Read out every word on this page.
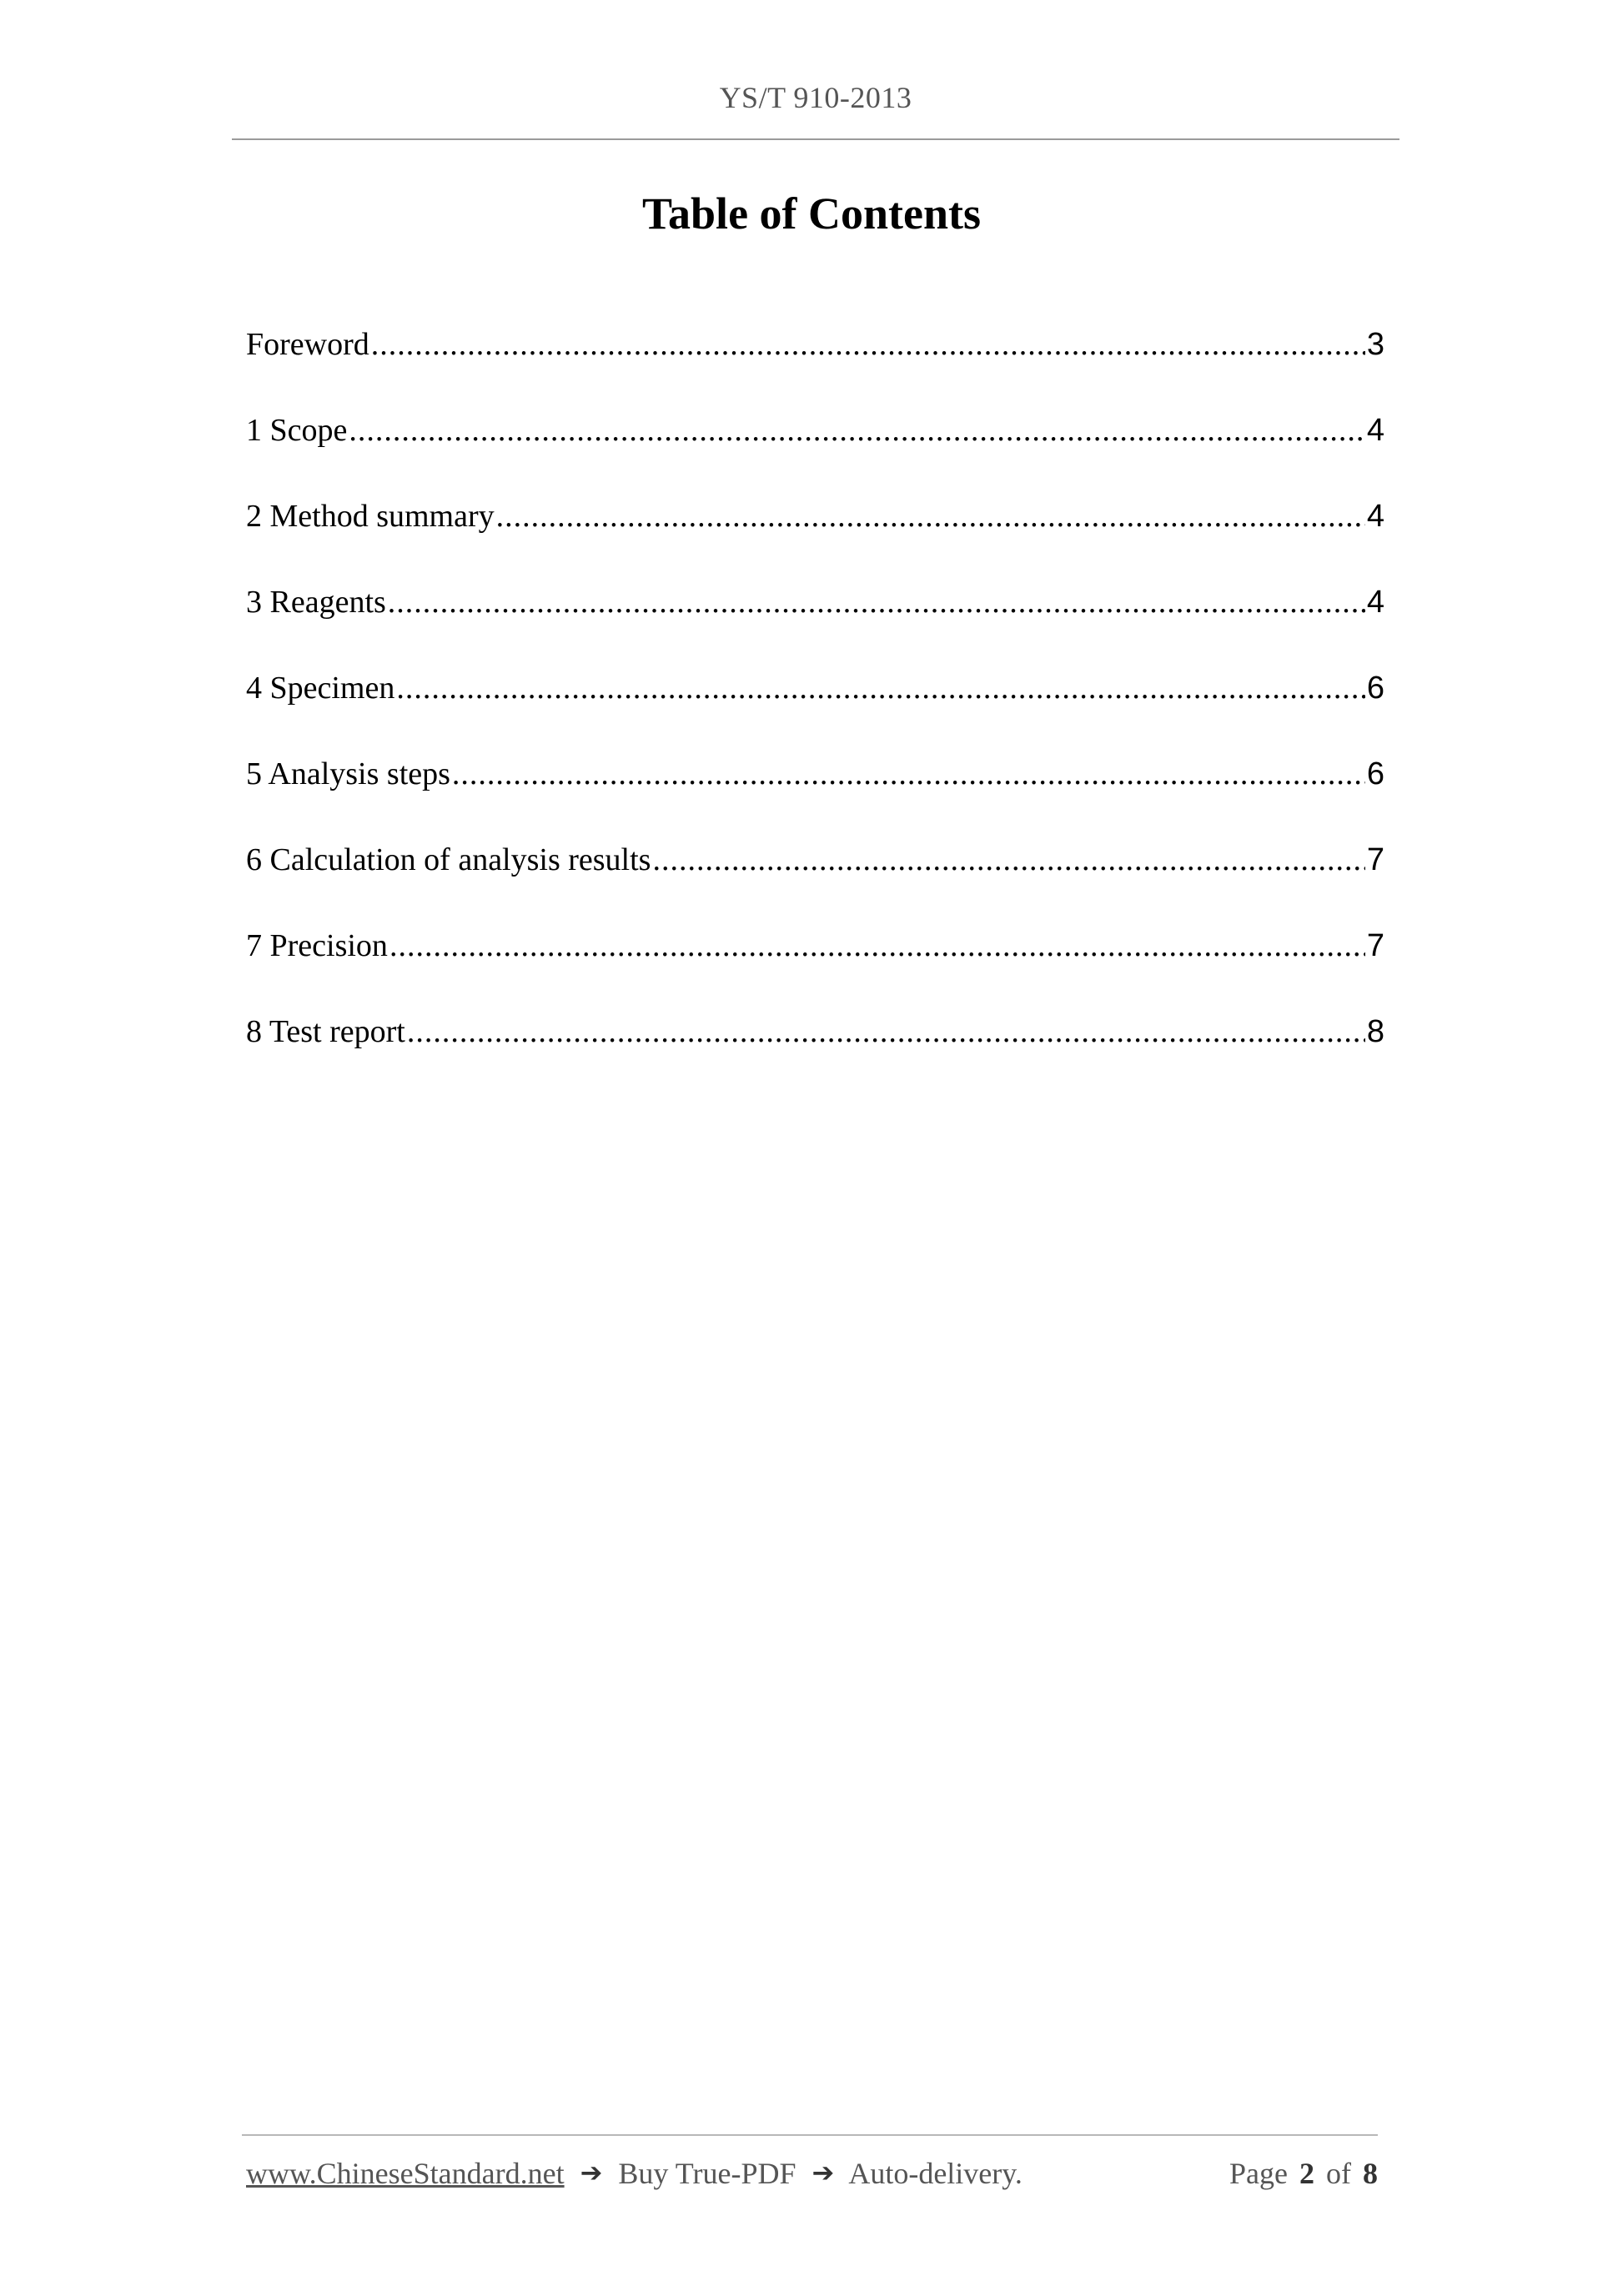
YS/T 910-2013
Table of Contents
Foreword .....	3
1 Scope .....	4
2 Method summary .....	4
3 Reagents .....	4
4 Specimen .....	6
5 Analysis steps .....	6
6 Calculation of analysis results .....	7
7 Precision .....	7
8 Test report .....	8
www.ChineseStandard.net ➔ Buy True-PDF ➔ Auto-delivery.	Page 2 of 8
